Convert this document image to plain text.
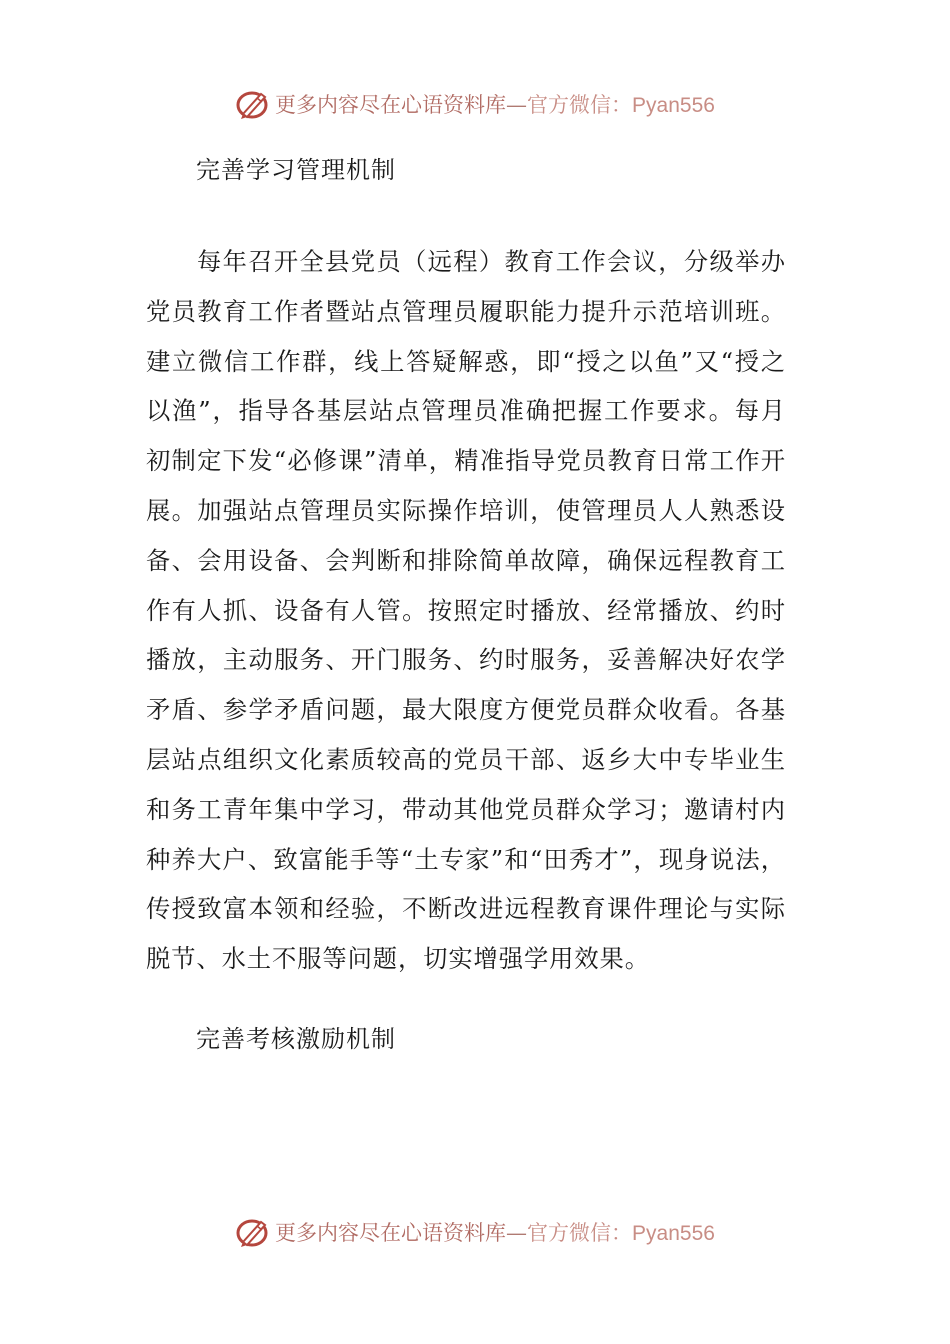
更多内容尽在心语资料库—官方微信：Pyan556
完善学习管理机制

每年召开全县党员（远程）教育工作会议，分级举办党员教育工作者暨站点管理员履职能力提升示范培训班。建立微信工作群，线上答疑解惑，即“授之以鱼”又“授之以渔”，指导各基层站点管理员准确把握工作要求。每月初制定下发“必修课”清单，精准指导党员教育日常工作开展。加强站点管理员实际操作培训，使管理员人人熟悉设备、会用设备、会判断和排除简单故障，确保远程教育工作有人抓、设备有人管。按照定时播放、经常播放、约时播放，主动服务、开门服务、约时服务，妥善解决好农学矛盾、参学矛盾问题，最大限度方便党员群众收看。各基层站点组织文化素质较高的党员干部、返乡大中专毕业生和务工青年集中学习，带动其他党员群众学习；邀请村内种养大户、致富能手等“土专家”和“田秀才”，现身说法，传授致富本领和经验，不断改进远程教育课件理论与实际脱节、水土不服等问题，切实增强学用效果。

完善考核激励机制
更多内容尽在心语资料库—官方微信：Pyan556
